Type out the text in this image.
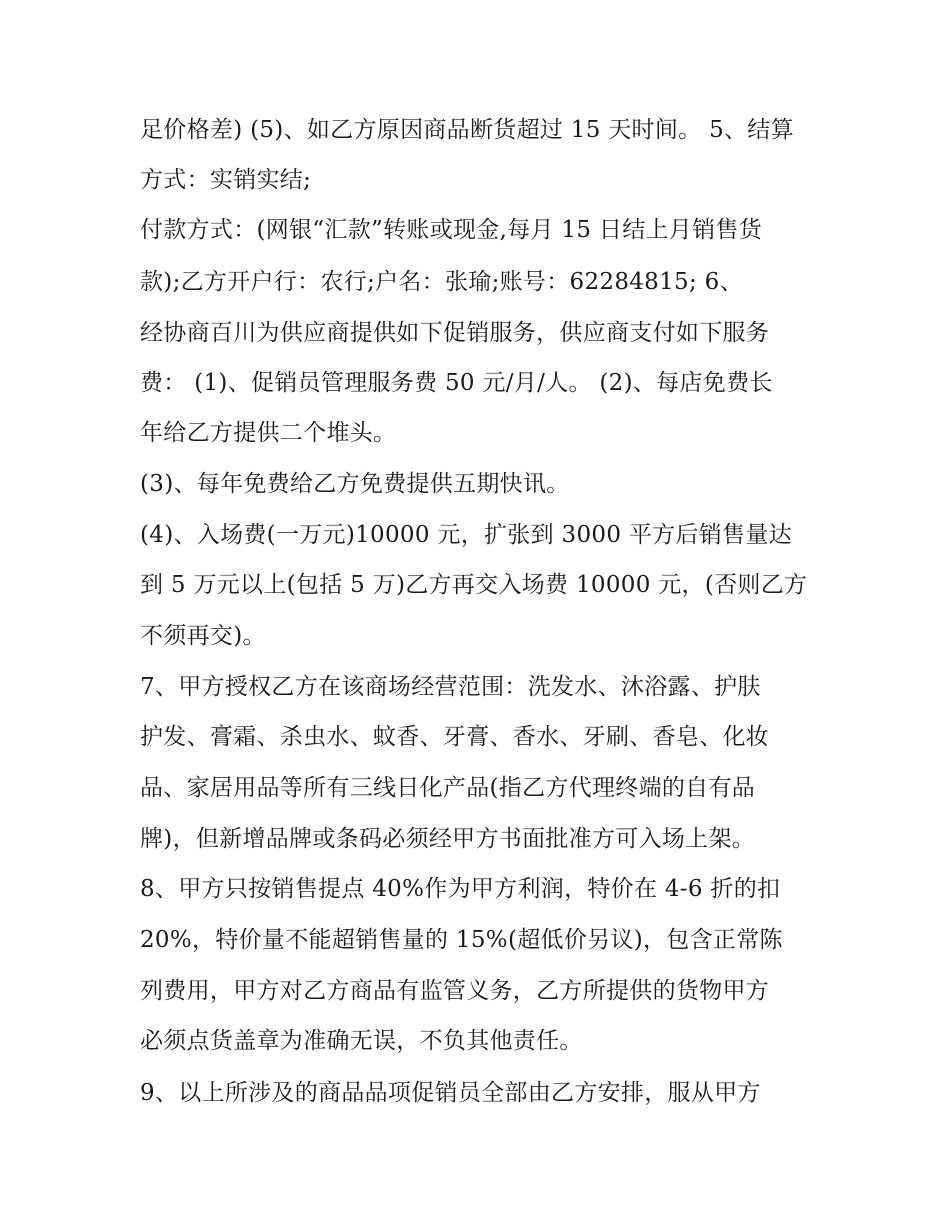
足价格差) (5)、如乙方原因商品断货超过 15 天时间。 5、结算
方式：实销实结;
付款方式：(网银“汇款”转账或现金,每月 15 日结上月销售货
款);乙方开户行：农行;户名：张瑜;账号：62284815; 6、
经协商百川为供应商提供如下促销服务，供应商支付如下服务
费： (1)、促销员管理服务费 50 元/月/人。 (2)、每店免费长
年给乙方提供二个堆头。
(3)、每年免费给乙方免费提供五期快讯。
(4)、入场费(一万元)10000 元，扩张到 3000 平方后销售量达
到 5 万元以上(包括 5 万)乙方再交入场费 10000 元，(否则乙方
不须再交)。
7、甲方授权乙方在该商场经营范围：洗发水、沐浴露、护肤
护发、膏霜、杀虫水、蚊香、牙膏、香水、牙刷、香皂、化妆
品、家居用品等所有三线日化产品(指乙方代理终端的自有品
牌)，但新增品牌或条码必须经甲方书面批准方可入场上架。
8、甲方只按销售提点 40%作为甲方利润，特价在 4-6 折的扣
20%，特价量不能超销售量的 15%(超低价另议)，包含正常陈
列费用，甲方对乙方商品有监管义务，乙方所提供的货物甲方
必须点货盖章为准确无误，不负其他责任。
9、以上所涉及的商品品项促销员全部由乙方安排，服从甲方
